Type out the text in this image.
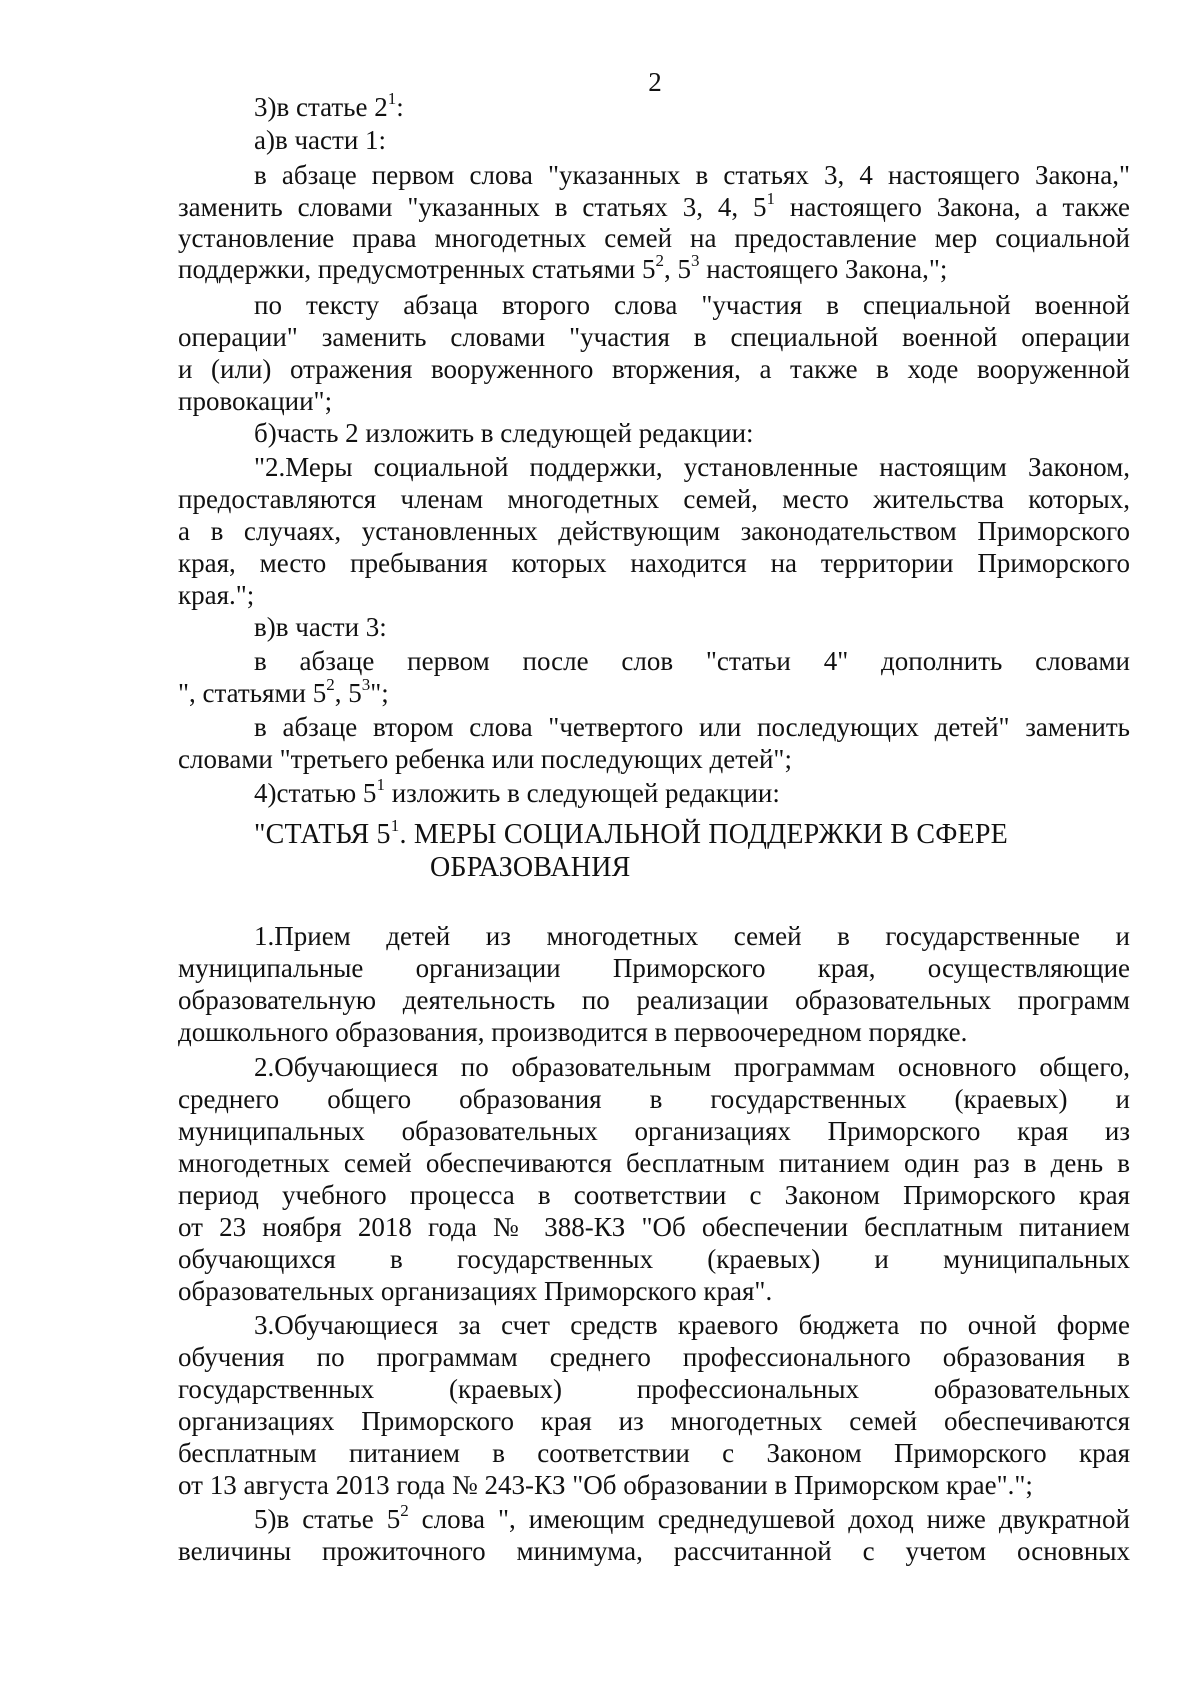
2
3)в статье $2^1$:
а)в части 1:
в абзаце первом слова "указанных в статьях 3, 4 настоящего Закона,"
заменить словами "указанных в статьях 3, 4, $5^1$ настоящего Закона, а также
установление права многодетных семей на предоставление мер социальной
поддержки, предусмотренных статьями $5^2$, $5^3$ настоящего Закона,";
по тексту абзаца второго слова "участия в специальной военной
операции" заменить словами "участия в специальной военной операции
и (или) отражения вооруженного вторжения, а также в ходе вооруженной
провокации";
б)часть 2 изложить в следующей редакции:
"2.Меры социальной поддержки, установленные настоящим Законом,
предоставляются членам многодетных семей, место жительства которых,
а в случаях, установленных действующим законодательством Приморского
края, место пребывания которых находится на территории Приморского
края.";
в)в части 3:
в абзаце первом после слов "статьи 4" дополнить словами
", статьями $5^2$, $5^3$";
в абзаце втором слова "четвертого или последующих детей" заменить
словами "третьего ребенка или последующих детей";
4)статью $5^1$ изложить в следующей редакции:
"СТАТЬЯ $5^1$. МЕРЫ СОЦИАЛЬНОЙ ПОДДЕРЖКИ В СФЕРЕ
ОБРАЗОВАНИЯ
1.Прием детей из многодетных семей в государственные и
муниципальные организации Приморского края, осуществляющие
образовательную деятельность по реализации образовательных программ
дошкольного образования, производится в первоочередном порядке.
2.Обучающиеся по образовательным программам основного общего,
среднего общего образования в государственных (краевых) и
муниципальных образовательных организациях Приморского края из
многодетных семей обеспечиваются бесплатным питанием один раз в день в
период учебного процесса в соответствии с Законом Приморского края
от 23 ноября 2018 года № 388-КЗ "Об обеспечении бесплатным питанием
обучающихся в государственных (краевых) и муниципальных
образовательных организациях Приморского края".
3.Обучающиеся за счет средств краевого бюджета по очной форме
обучения по программам среднего профессионального образования в
государственных (краевых) профессиональных образовательных
организациях Приморского края из многодетных семей обеспечиваются
бесплатным питанием в соответствии с Законом Приморского края
от 13 августа 2013 года № 243-КЗ "Об образовании в Приморском крае".";
5)в статье $5^2$ слова ", имеющим среднедушевой доход ниже двукратной
величины прожиточного минимума, рассчитанной с учетом основных
